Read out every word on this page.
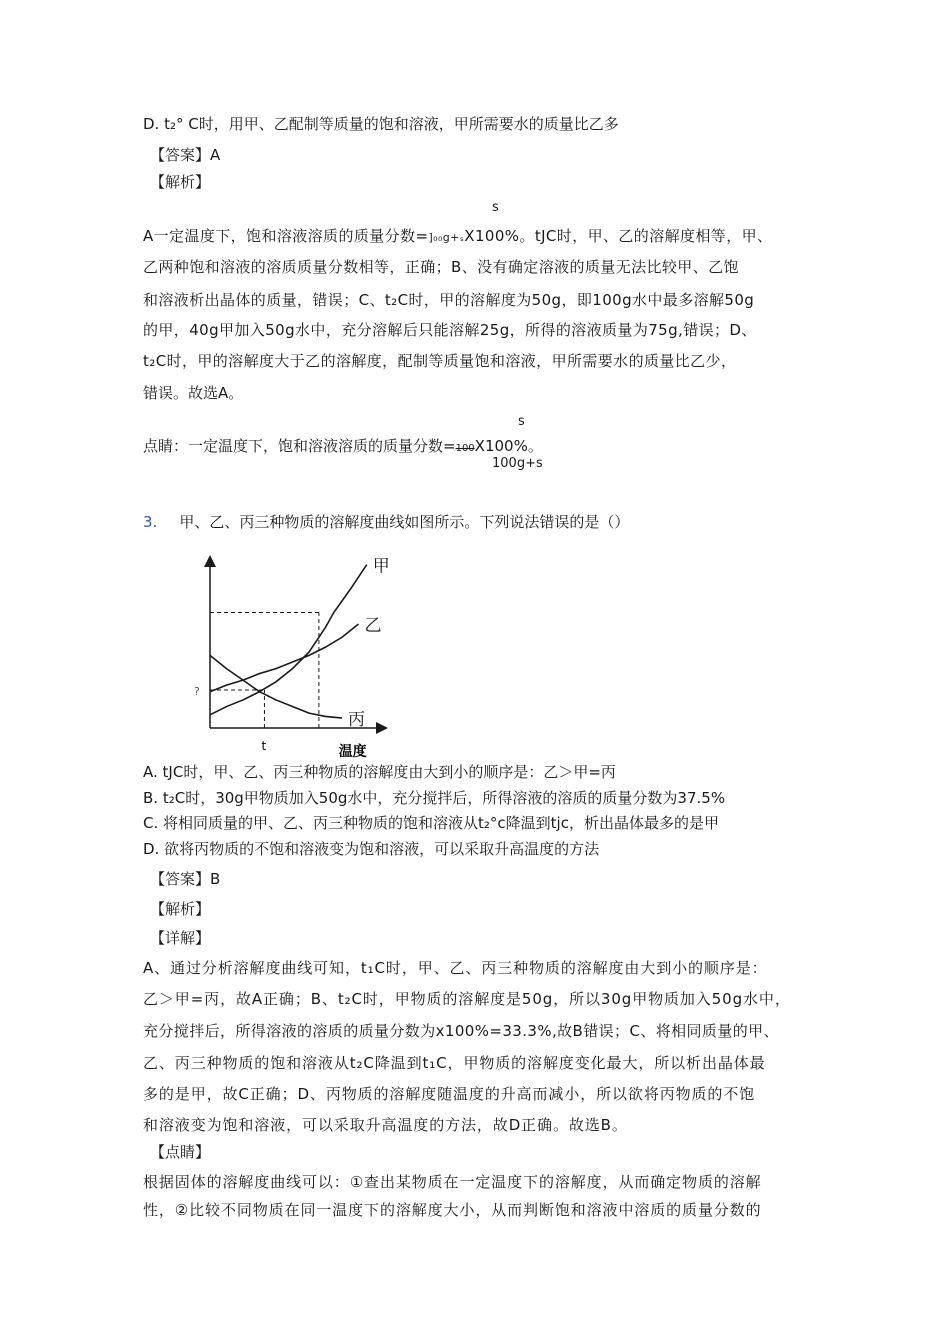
D. t₂° C时，用甲、乙配制等质量的饱和溶液，甲所需要水的质量比乙多
【答案】A
【解析】
s
A一定温度下，饱和溶液溶质的质量分数=]₀₀g+ₛX100%。tJC时，甲、乙的溶解度相等，甲、
乙两种饱和溶液的溶质质量分数相等，正确；B、没有确定溶液的质量无法比较甲、乙饱
和溶液析出晶体的质量，错误；C、t₂C时，甲的溶解度为50g，即100g水中最多溶解50g
的甲，40g甲加入50g水中，充分溶解后只能溶解25g，所得的溶液质量为75g,错误；D、
t₂C时，甲的溶解度大于乙的溶解度，配制等质量饱和溶液，甲所需要水的质量比乙少，
错误。故选A。
s
点睛：一定温度下，饱和溶液溶质的质量分数=100X100%。
100g+s
3. 甲、乙、丙三种物质的溶解度曲线如图所示。下列说法错误的是（）
甲
乙
丙
t
?
温度
A. tJC时，甲、乙、丙三种物质的溶解度由大到小的顺序是：乙＞甲=丙
B. t₂C时，30g甲物质加入50g水中，充分搅拌后，所得溶液的溶质的质量分数为37.5%
C. 将相同质量的甲、乙、丙三种物质的饱和溶液从t₂°c降温到tjc，析出晶体最多的是甲
D. 欲将丙物质的不饱和溶液变为饱和溶液，可以采取升高温度的方法
【答案】B
【解析】
【详解】
A、通过分析溶解度曲线可知，t₁C时，甲、乙、丙三种物质的溶解度由大到小的顺序是：
乙＞甲=丙，故A正确；B、t₂C时，甲物质的溶解度是50g，所以30g甲物质加入50g水中，
充分搅拌后，所得溶液的溶质的质量分数为x100%=33.3%,故B错误；C、将相同质量的甲、
乙、丙三种物质的饱和溶液从t₂C降温到t₁C，甲物质的溶解度变化最大，所以析出晶体最
多的是甲，故C正确；D、丙物质的溶解度随温度的升高而减小，所以欲将丙物质的不饱
和溶液变为饱和溶液，可以采取升高温度的方法，故D正确。故选B。
【点睛】
根据固体的溶解度曲线可以：①查出某物质在一定温度下的溶解度，从而确定物质的溶解
性，②比较不同物质在同一温度下的溶解度大小，从而判断饱和溶液中溶质的质量分数的
